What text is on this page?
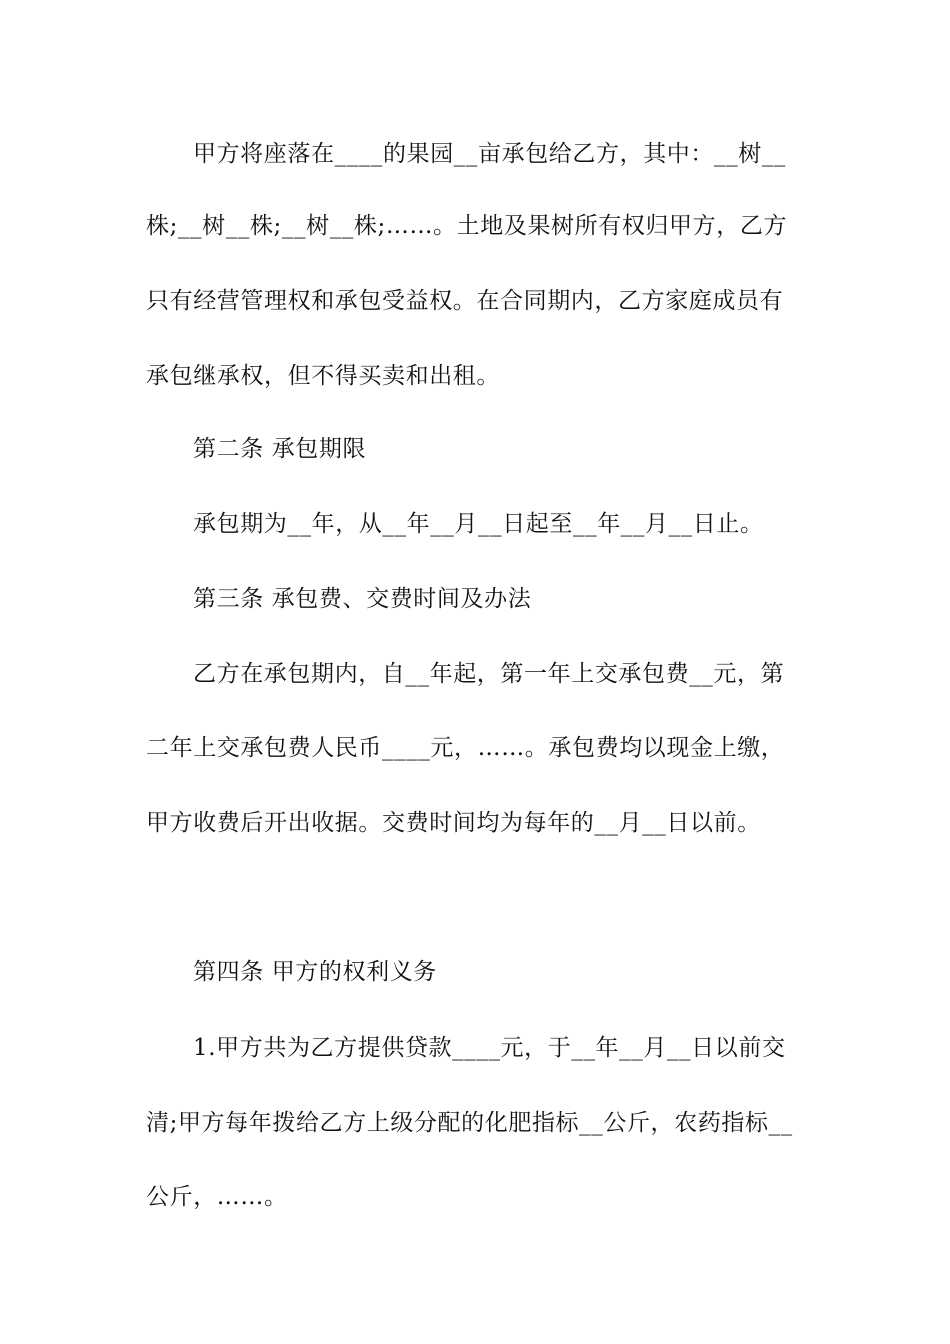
甲方将座落在____的果园__亩承包给乙方，其中：__树__
株;__树__株;__树__株;……。土地及果树所有权归甲方，乙方
只有经营管理权和承包受益权。在合同期内，乙方家庭成员有
承包继承权，但不得买卖和出租。
第二条 承包期限
承包期为__年，从__年__月__日起至__年__月__日止。
第三条 承包费、交费时间及办法
乙方在承包期内，自__年起，第一年上交承包费__元，第
二年上交承包费人民币____元，……。承包费均以现金上缴，
甲方收费后开出收据。交费时间均为每年的__月__日以前。
第四条 甲方的权利义务
1.甲方共为乙方提供贷款____元，于__年__月__日以前交
清;甲方每年拨给乙方上级分配的化肥指标__公斤，农药指标__
公斤，……。
